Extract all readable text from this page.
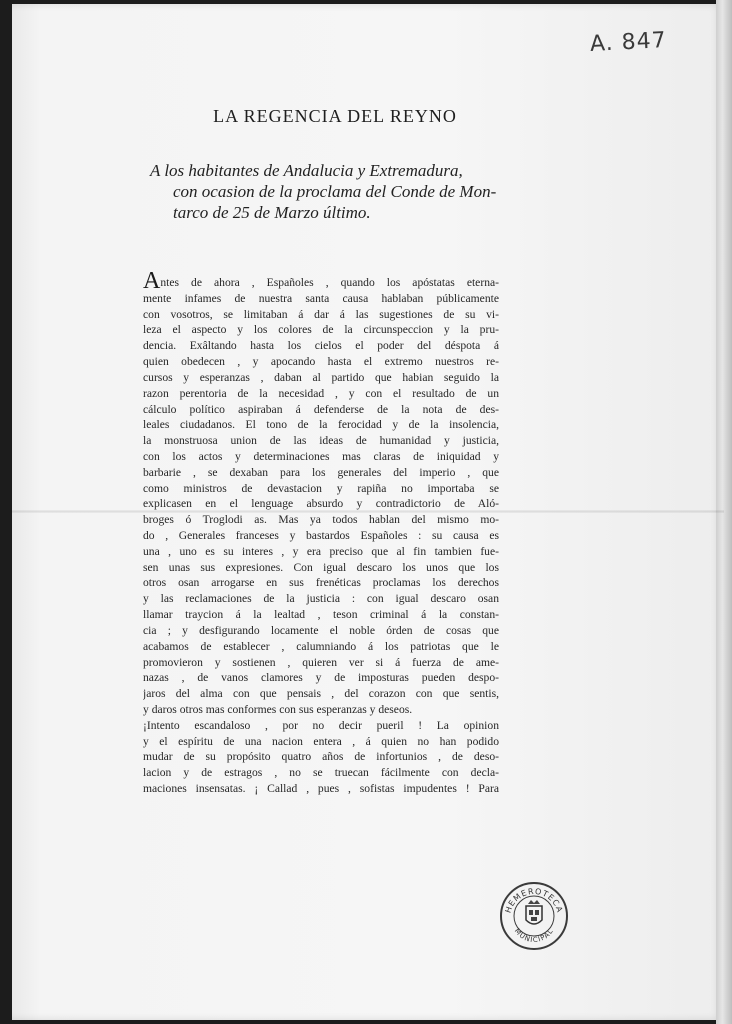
A. 847
LA REGENCIA DEL REYNO
A los habitantes de Andalucia y Extremadura,
con ocasion de la proclama del Conde de Mon-
tarco de 25 de Marzo último.
Antes de ahora , Españoles , quando los apóstatas eterna-
mente infames de nuestra santa causa hablaban públicamente
con vosotros, se limitaban á dar á las sugestiones de su vi-
leza el aspecto y los colores de la circunspeccion y la pru-
dencia. Exâltando hasta los cielos el poder del déspota á
quien obedecen , y apocando hasta el extremo nuestros re-
cursos y esperanzas , daban al partido que habian seguido la
razon perentoria de la necesidad , y con el resultado de un
cálculo político aspiraban á defenderse de la nota de des-
leales ciudadanos. El tono de la ferocidad y de la insolencia,
la monstruosa union de las ideas de humanidad y justicia,
con los actos y determinaciones mas claras de iniquidad y
barbarie , se dexaban para los generales del imperio , que
como ministros de devastacion y rapiña no importaba se
explicasen en el lenguage absurdo y contradictorio de Aló-
broges ó Troglodi as. Mas ya todos hablan del mismo mo-
do , Generales franceses y bastardos Españoles : su causa es
una , uno es su interes , y era preciso que al fin tambien fue-
sen unas sus expresiones. Con igual descaro los unos que los
otros osan arrogarse en sus frenéticas proclamas los derechos
y las reclamaciones de la justicia : con igual descaro osan
llamar traycion á la lealtad , teson criminal á la constan-
cia ; y desfigurando locamente el noble órden de cosas que
acabamos de establecer , calumniando á los patriotas que le
promovieron y sostienen , quieren ver si á fuerza de ame-
nazas , de vanos clamores y de imposturas pueden despo-
jaros del alma con que pensais , del corazon con que sentis,
y daros otros mas conformes con sus esperanzas y deseos.
¡Intento escandaloso , por no decir pueril ! La opinion
y el espíritu de una nacion entera , á quien no han podido
mudar de su propósito quatro años de infortunios , de deso-
lacion y de estragos , no se truecan fácilmente con decla-
maciones insensatas. ¡ Callad , pues , sofistas impudentes ! Para
HEMEROTECA
MUNICIPAL
